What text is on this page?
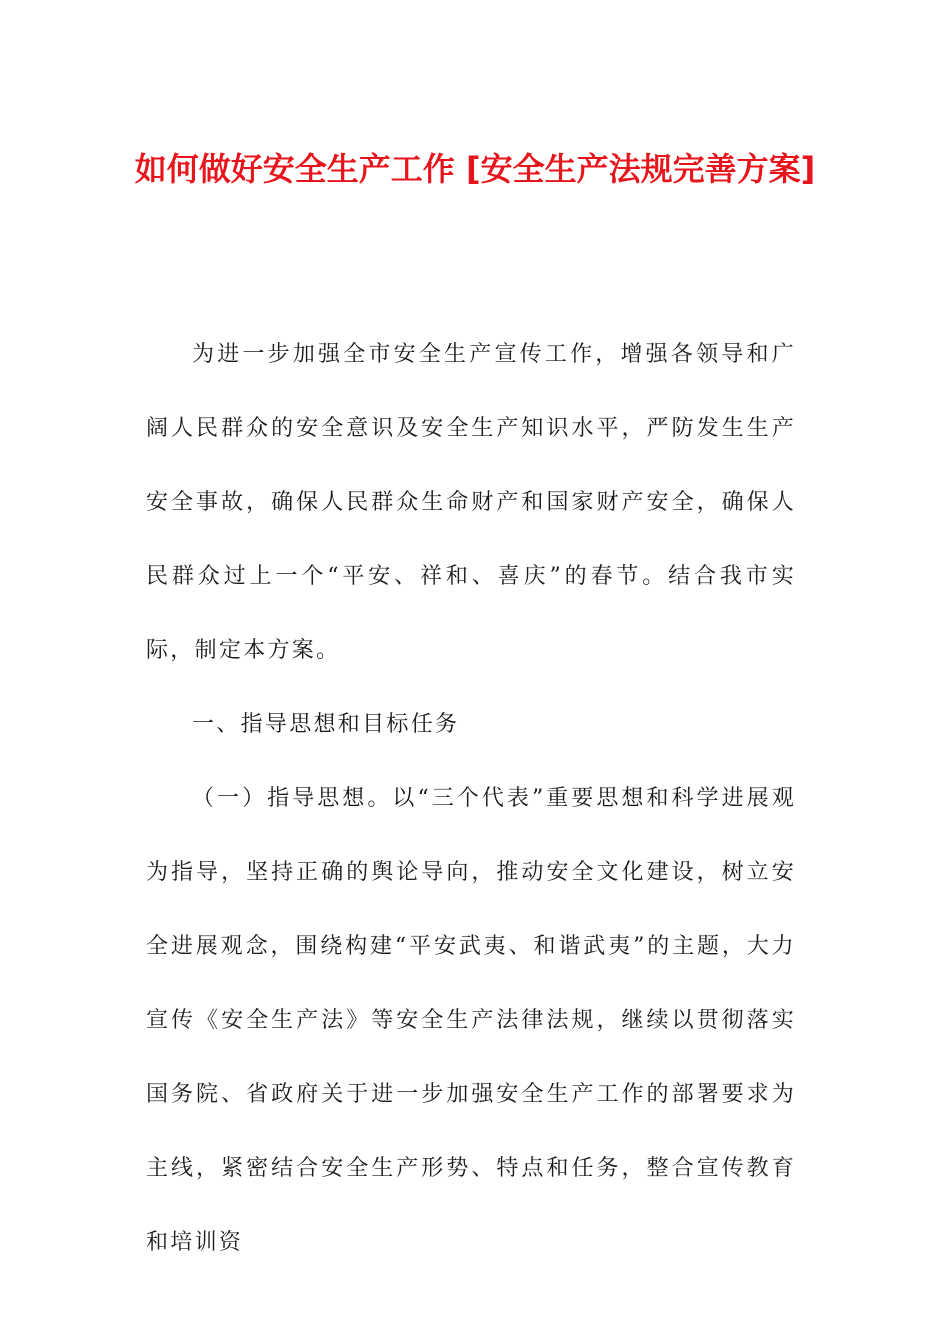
如何做好安全生产工作 [安全生产法规完善方案]

为进一步加强全市安全生产宣传工作，增强各领导和广阔人民群众的安全意识及安全生产知识水平，严防发生生产安全事故，确保人民群众生命财产和国家财产安全，确保人民群众过上一个“平安、祥和、喜庆”的春节。结合我市实际，制定本方案。

一、指导思想和目标任务

（一）指导思想。以“三个代表”重要思想和科学进展观为指导，坚持正确的舆论导向，推动安全文化建设，树立安全进展观念，围绕构建“平安武夷、和谐武夷”的主题，大力宣传《安全生产法》等安全生产法律法规，继续以贯彻落实国务院、省政府关于进一步加强安全生产工作的部署要求为主线，紧密结合安全生产形势、特点和任务，整合宣传教育和培训资
